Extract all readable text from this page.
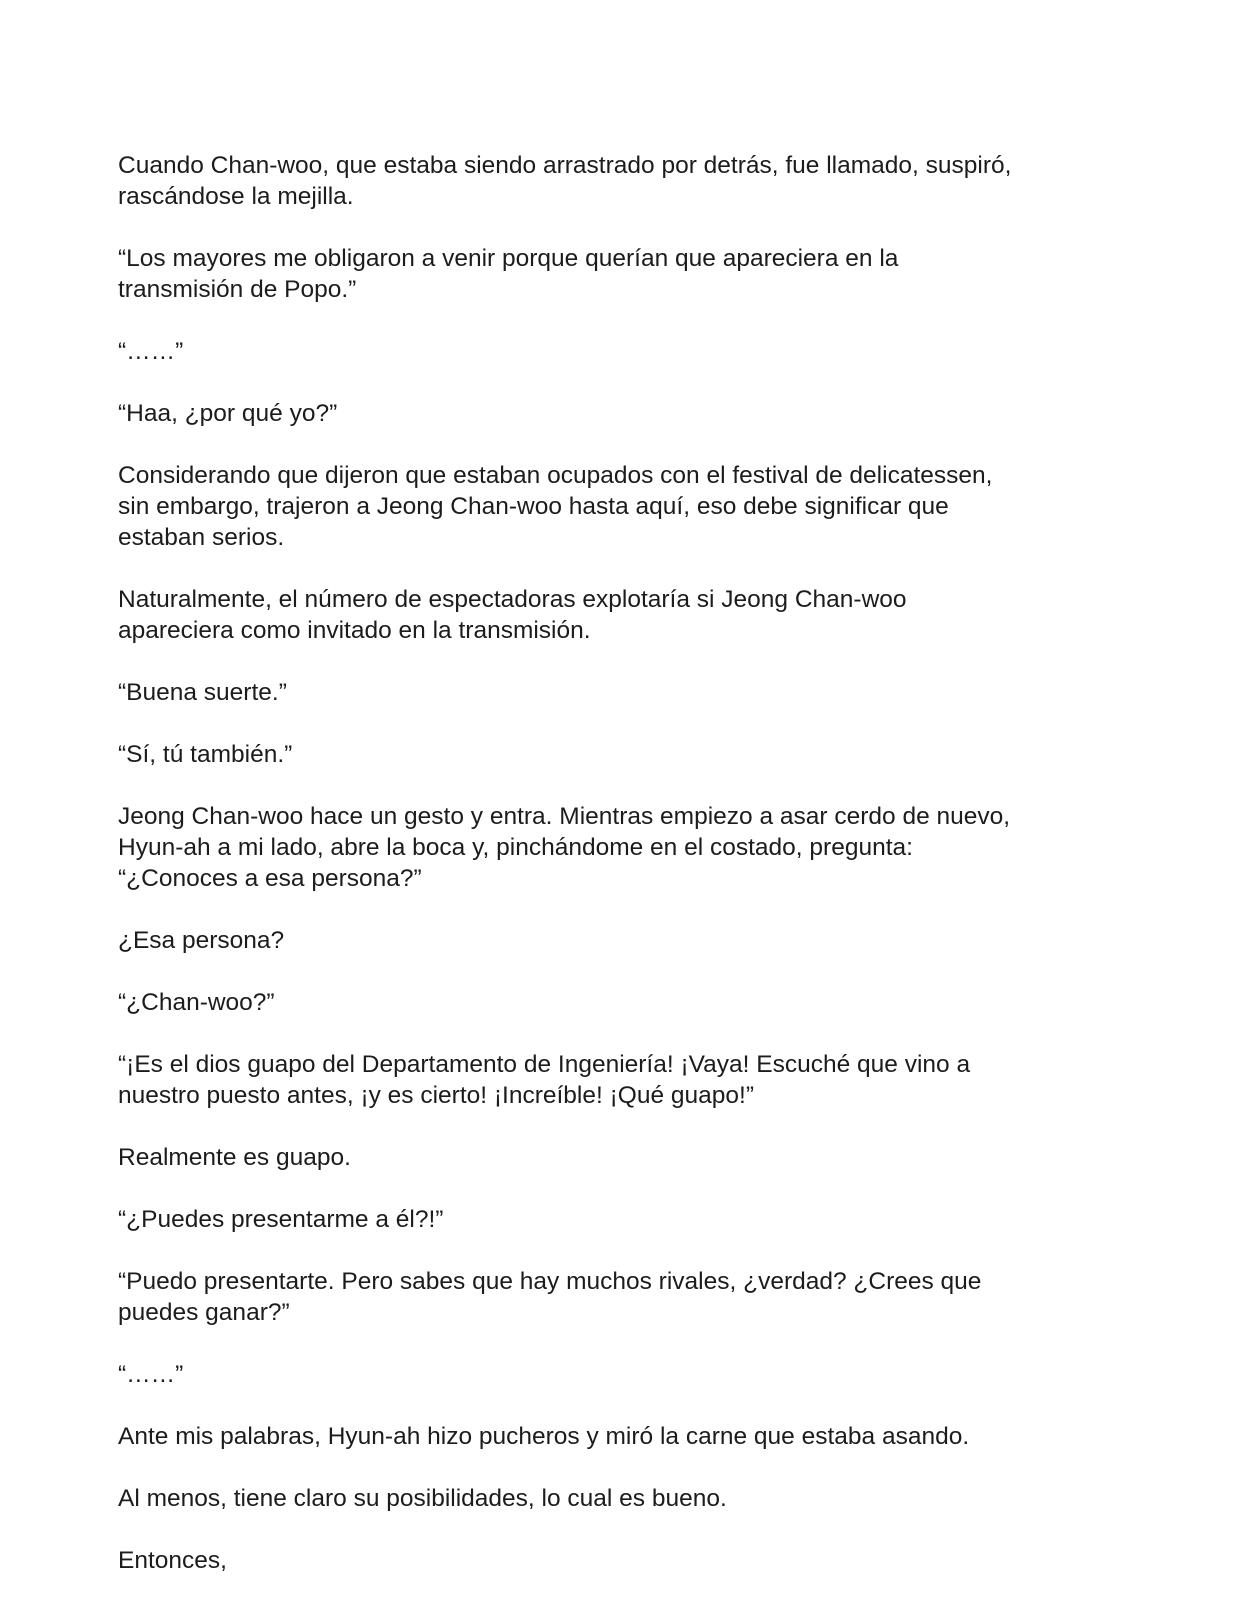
Cuando Chan-woo, que estaba siendo arrastrado por detrás, fue llamado, suspiró,
rascándose la mejilla.

“Los mayores me obligaron a venir porque querían que apareciera en la
transmisión de Popo.”

“……”

“Haa, ¿por qué yo?”

Considerando que dijeron que estaban ocupados con el festival de delicatessen,
sin embargo, trajeron a Jeong Chan-woo hasta aquí, eso debe significar que
estaban serios.

Naturalmente, el número de espectadoras explotaría si Jeong Chan-woo
apareciera como invitado en la transmisión.

“Buena suerte.”

“Sí, tú también.”

Jeong Chan-woo hace un gesto y entra. Mientras empiezo a asar cerdo de nuevo,
Hyun-ah a mi lado, abre la boca y, pinchándome en el costado, pregunta:
“¿Conoces a esa persona?”

¿Esa persona?

“¿Chan-woo?”

“¡Es el dios guapo del Departamento de Ingeniería! ¡Vaya! Escuché que vino a
nuestro puesto antes, ¡y es cierto! ¡Increíble! ¡Qué guapo!”

Realmente es guapo.

“¿Puedes presentarme a él?!”

“Puedo presentarte. Pero sabes que hay muchos rivales, ¿verdad? ¿Crees que
puedes ganar?”

“……”

Ante mis palabras, Hyun-ah hizo pucheros y miró la carne que estaba asando.

Al menos, tiene claro su posibilidades, lo cual es bueno.

Entonces,
